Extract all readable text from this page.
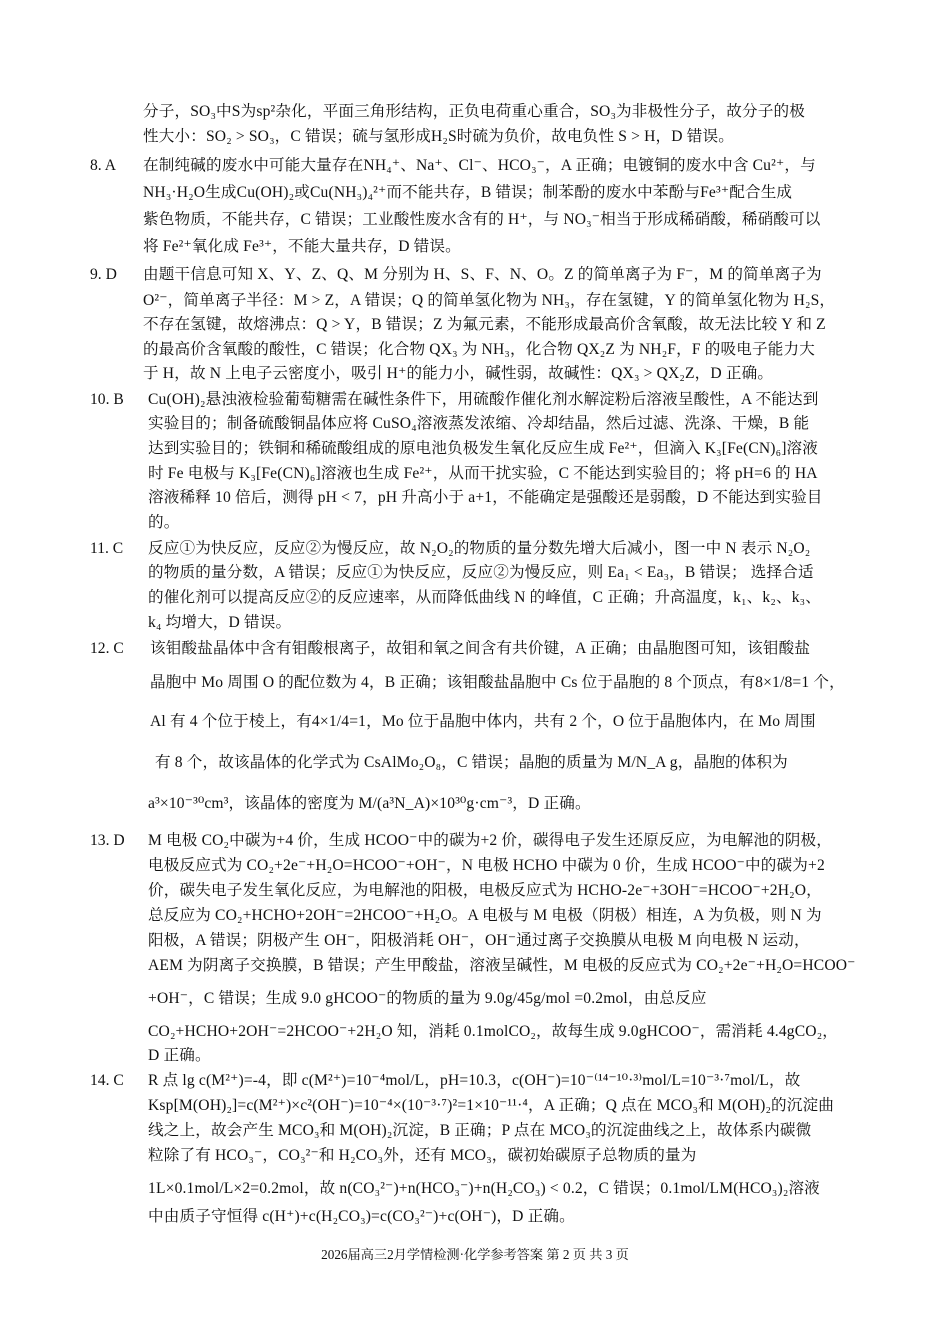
8. A
9. D
10. B
11. C
12. C
13. D
14. C
分子，SO₃中S为sp²杂化，平面三角形结构，正负电荷重心重合，SO₃为非极性分子，故分子的极
性大小：SO₂ > SO₃，C 错误；硫与氢形成H₂S时硫为负价，故电负性 S > H，D 错误。
在制纯碱的废水中可能大量存在NH₄⁺、Na⁺、Cl⁻、HCO₃⁻，A 正确；电镀铜的废水中含 Cu²⁺，与
NH₃·H₂O生成Cu(OH)₂或Cu(NH₃)₄²⁺而不能共存，B 错误；制苯酚的废水中苯酚与Fe³⁺配合生成
紫色物质，不能共存，C 错误；工业酸性废水含有的 H⁺，与 NO₃⁻相当于形成稀硝酸，稀硝酸可以
将 Fe²⁺氧化成 Fe³⁺，不能大量共存，D 错误。
由题干信息可知 X、Y、Z、Q、M 分别为 H、S、F、N、O。Z 的简单离子为 F⁻，M 的简单离子为
O²⁻，简单离子半径：M > Z，A 错误；Q 的简单氢化物为 NH₃，存在氢键，Y 的简单氢化物为 H₂S，
不存在氢键，故熔沸点：Q > Y，B 错误；Z 为氟元素，不能形成最高价含氧酸，故无法比较 Y 和 Z
的最高价含氧酸的酸性，C 错误；化合物 QX₃ 为 NH₃，化合物 QX₂Z 为 NH₂F，F 的吸电子能力大
于 H，故 N 上电子云密度小，吸引 H⁺的能力小，碱性弱，故碱性：QX₃ > QX₂Z，D 正确。
Cu(OH)₂悬浊液检验葡萄糖需在碱性条件下，用硫酸作催化剂水解淀粉后溶液呈酸性，A 不能达到
实验目的；制备硫酸铜晶体应将 CuSO₄溶液蒸发浓缩、冷却结晶，然后过滤、洗涤、干燥，B 能
达到实验目的；铁铜和稀硫酸组成的原电池负极发生氧化反应生成 Fe²⁺，但滴入 K₃[Fe(CN)₆]溶液
时 Fe 电极与 K₃[Fe(CN)₆]溶液也生成 Fe²⁺，从而干扰实验，C 不能达到实验目的；将 pH=6 的 HA
溶液稀释 10 倍后，测得 pH < 7，pH 升高小于 a+1，不能确定是强酸还是弱酸，D 不能达到实验目
的。
反应①为快反应，反应②为慢反应，故 N₂O₂的物质的量分数先增大后减小，图一中 N 表示 N₂O₂
的物质的量分数，A 错误；反应①为快反应，反应②为慢反应，则 Ea₁ < Ea₃，B 错误； 选择合适
的催化剂可以提高反应②的反应速率，从而降低曲线 N 的峰值，C 正确；升高温度，k₁、k₂、k₃、
k₄ 均增大，D 错误。
该钼酸盐晶体中含有钼酸根离子，故钼和氧之间含有共价键，A 正确；由晶胞图可知，该钼酸盐
晶胞中 Mo 周围 O 的配位数为 4，B 正确；该钼酸盐晶胞中 Cs 位于晶胞的 8 个顶点，有8×1/8=1 个，
Al 有 4 个位于棱上，有4×1/4=1，Mo 位于晶胞中体内，共有 2 个，O 位于晶胞体内，在 Mo 周围
有 8 个，故该晶体的化学式为 CsAlMo₂O₈，C 错误；晶胞的质量为 M/N_A g，晶胞的体积为
a³×10⁻³⁰cm³，该晶体的密度为 M/(a³N_A)×10³⁰g·cm⁻³，D 正确。
M 电极 CO₂中碳为+4 价，生成 HCOO⁻中的碳为+2 价，碳得电子发生还原反应，为电解池的阴极，
电极反应式为 CO₂+2e⁻+H₂O=HCOO⁻+OH⁻，N 电极 HCHO 中碳为 0 价，生成 HCOO⁻中的碳为+2
价，碳失电子发生氧化反应，为电解池的阳极，电极反应式为 HCHO-2e⁻+3OH⁻=HCOO⁻+2H₂O，
总反应为 CO₂+HCHO+2OH⁻=2HCOO⁻+H₂O。A 电极与 M 电极（阴极）相连，A 为负极，则 N 为
阳极，A 错误；阴极产生 OH⁻，阳极消耗 OH⁻，OH⁻通过离子交换膜从电极 M 向电极 N 运动，
AEM 为阴离子交换膜，B 错误；产生甲酸盐，溶液呈碱性，M 电极的反应式为 CO₂+2e⁻+H₂O=HCOO⁻
+OH⁻，C 错误；生成 9.0 gHCOO⁻的物质的量为 9.0g/45g/mol =0.2mol，由总反应
CO₂+HCHO+2OH⁻=2HCOO⁻+2H₂O 知，消耗 0.1molCO₂，故每生成 9.0gHCOO⁻，需消耗 4.4gCO₂，
D 正确。
R 点 lg c(M²⁺)=-4，即 c(M²⁺)=10⁻⁴mol/L，pH=10.3，c(OH⁻)=10⁻⁽¹⁴⁻¹⁰·³⁾mol/L=10⁻³·⁷mol/L，故
Ksp[M(OH)₂]=c(M²⁺)×c²(OH⁻)=10⁻⁴×(10⁻³·⁷)²=1×10⁻¹¹·⁴，A 正确；Q 点在 MCO₃和 M(OH)₂的沉淀曲
线之上，故会产生 MCO₃和 M(OH)₂沉淀，B 正确；P 点在 MCO₃的沉淀曲线之上，故体系内碳微
粒除了有 HCO₃⁻，CO₃²⁻和 H₂CO₃外，还有 MCO₃，碳初始碳原子总物质的量为
1L×0.1mol/L×2=0.2mol，故 n(CO₃²⁻)+n(HCO₃⁻)+n(H₂CO₃) < 0.2，C 错误；0.1mol/LM(HCO₃)₂溶液
中由质子守恒得 c(H⁺)+c(H₂CO₃)=c(CO₃²⁻)+c(OH⁻)，D 正确。
2026届高三2月学情检测·化学参考答案 第 2 页 共 3 页
